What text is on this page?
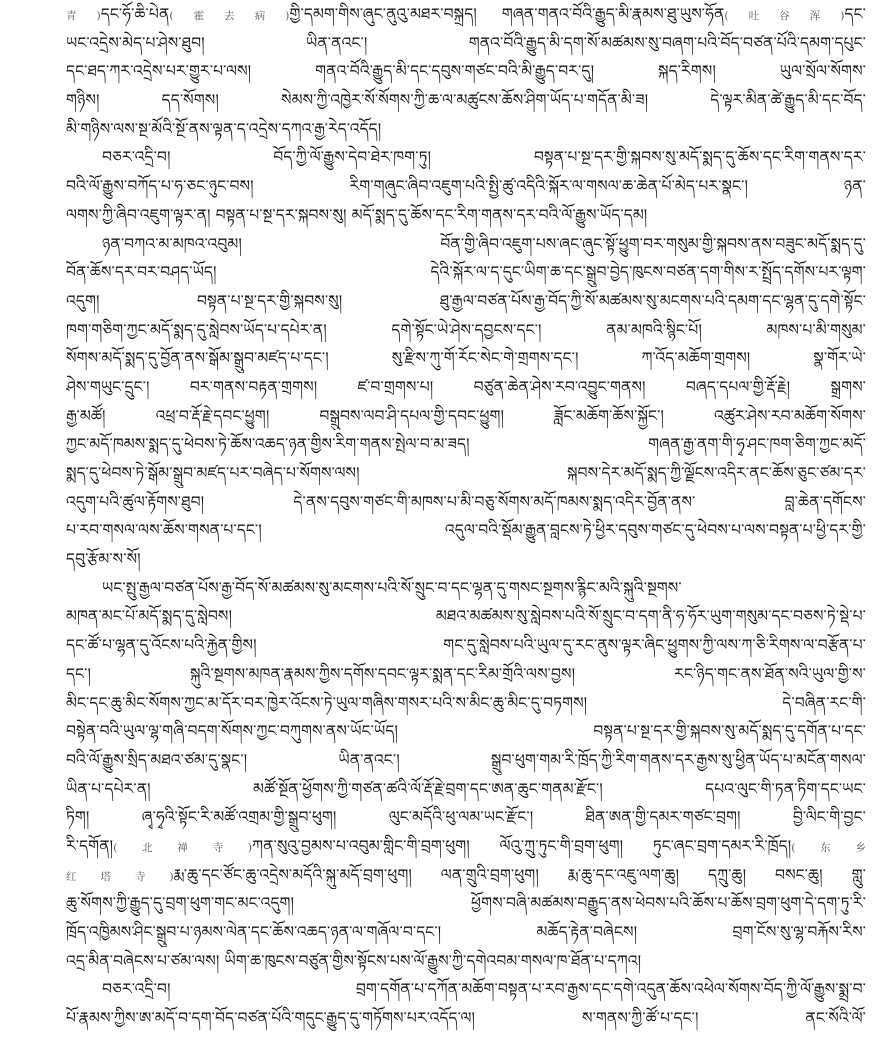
青)དང་ཧོ་ཆི་པེན(霍去病)གྱི་དམག་གིས་ཞུང་ནུའུ་མཐར་བསྐྲད། གཞན་གནའ་བོའི་རྒྱུད་མི་རྣམས་ཐུ་ཡུས་ཧོན(吐谷浑)དང་
ཡང་འདྲེས་མེད་པ་ཤེས་ཐུབ། ཡིན་ནའང་། གནའ་བོའི་རྒྱུད་མི་དག་སོ་མཚམས་སུ་བཞག་པའི་བོད་བཙན་པོའི་དམག་དཔུང་
དང་ཐད་ཀར་འདྲེས་པར་གྱུར་པ་ལས། གནའ་བོའི་རྒྱུད་མི་དང་དབུས་གཙང་བའི་མི་རྒྱུད་བར་དུ། སྐད་རིགས། ཡུལ་སྲོལ་སོགས་
གཉིས། དད་སོགས། སེམས་ཀྱི་འཁྱེར་སོ་སོགས་ཀྱི་ཆ་ལ་མཚུངས་ཆོས་ཤིག་ཡོད་པ་གདོན་མི་ཟ། དེ་ལྟར་མིན་ཚེ་རྒྱུད་མི་དང་བོད་
མི་གཉིས་ལས་སྔ་མོའི་སྔོ་ནས་ལྟན་ད་འདྲེས་དཀའ་རྒྱ་རེད་འདོད།
བཅར་འདྲི་བ། བོད་ཀྱི་ལོ་རྒྱུས་དེབ་ཐེར་ཁག་ཏུ། བསྟན་པ་སྔ་དར་གྱི་སྐབས་སུ་མདོ་སྨད་དུ་ཆོས་དང་རིག་གནས་དར་
བའི་ལོ་རྒྱུས་བཀོད་པ་ཧ་ཅང་ཉུང་བས། རིག་གཞུང་ཞིབ་འཇུག་པའི་སྤྱི་ཚུ་འདིའི་སྐོར་ལ་གསལ་ཆ་ཆེན་པོ་མེད་པར་སྣང་། ཉན་
ལགས་ཀྱི་ཞིབ་འཇུག་ལྟར་ན། བསྟན་པ་སྔ་དར་སྐབས་སུ། མདོ་སྨད་དུ་ཆོས་དང་རིག་གནས་དར་བའི་ལོ་རྒྱུས་ཡོད་དམ།
ཉན་བཀའ་མ་མཁའ་འབུམ། བོན་གྱི་ཞིབ་འཇུག་པས་ཞང་ཞུང་སྟོ་ཕྱུག་བར་གསུམ་གྱི་སྐབས་ནས་བཟུང་མདོ་སྨད་དུ་
བོན་ཆོས་དར་བར་བཤད་ཡོད། དེའི་སྐོར་ལ་ད་དུང་ཡིག་ཆ་དང་སྒྲུབ་བྱེད་ཁུངས་བཙན་དག་གིས་ར་སྤྲོད་དགོས་པར་ལྟག་
འདུག། བསྟན་པ་སྔ་དར་གྱི་སྐབས་སུ། ཐུ་རྒྱལ་བཙན་པོས་རྒྱ་བོད་ཀྱི་སོ་མཚམས་སུ་མངགས་པའི་དམག་དང་ལྷན་དུ་དགེ་སྟོང་
ཁག་གཅིག་ཀྱང་མདོ་སྨད་དུ་སླེབས་ཡོད་པ་དཔེར་ན། དགེ་སྟོང་ཡེ་ཤེས་དབྱངས་དང་། ནམ་མཁའི་སྙིང་པོ། མཁས་པ་མི་གསུམ་
སོགས་མདོ་སྨད་དུ་བྱོན་ནས་སྒོམ་སྒྲུབ་མཛད་པ་དང་། སུ་རྫིས་ཀུ་གོ་རོང་སེང་གེ་གྲགས་དང་། ཀ་འོད་མཆོག་གྲགས། སྣ་གོར་ཡེ་
ཤེས་གཡུང་དྲུང་། བར་གནས་བརྟན་གྲགས། ཛ་བ་གྲགས་པ། བཙུན་ཆེན་ཤེས་རབ་འབྱུང་གནས། བཞད་དཔལ་གྱི་རྡོ་རྗེ། སྒྲགས་
རྒྱ་མཚོ། འཕྲ་བ་རྡོ་རྗེ་དབང་ཕྱུག། བསྒྲུབས་ལབ་ཤི་དཔལ་གྱི་དབང་ཕྱུག། ཟློང་མཆོག་ཆོས་སྐྱོང་། འཚུར་ཤེས་རབ་མཆོག་སོགས་
ཀྱང་མདོ་ཁམས་སྨད་དུ་ཕེབས་ཏེ་ཆོས་འཆད་ཉན་གྱིས་རིག་གནས་སྤེལ་བ་མ་ཟད། གཞན་རྒྱ་ནག་གི་ཧྭ་ཤང་ཁག་ཅིག་ཀྱང་མདོ་
སྨད་དུ་ཕེབས་ཏེ་སྒོམ་སྒྲུབ་མཛད་པར་བཞེད་པ་སོགས་ལས། སྐབས་དེར་མདོ་སྨད་ཀྱི་ལྗོངས་འདིར་ནང་ཆོས་ཅུང་ཙམ་དར་
འདུག་པའི་ཚུལ་རྟོགས་ཐུབ། དེ་ནས་དབུས་གཙང་གི་མཁས་པ་མི་བཅུ་སོགས་མདོ་ཁམས་སྨད་འདིར་བྱོན་ནས་ བླ་ཆེན་དགོངས་
པ་རབ་གསལ་ལས་ཆོས་གསན་པ་དང་། འདུལ་བའི་སྡོམ་རྒྱུན་བླངས་ཏེ་ཕྱིར་དབུས་གཙང་དུ་ཕེབས་པ་ལས་བསྟན་པ་ཕྱི་དར་གྱི་
དབུ་རྩོམ་ས་སོ།
ཡང་སྤུ་རྒྱལ་བཙན་པོས་རྒྱ་བོད་སོ་མཚམས་སུ་མངགས་པའི་སོ་སྲུང་བ་དང་ལྷན་དུ་གསང་སྔགས་རྙིང་མའི་སྐུའི་སྔགས་
མཁན་མང་པོ་མདོ་སྨད་དུ་སླེབས། མཐའ་མཚམས་སུ་སླེབས་པའི་སོ་སྲུང་བ་དག་ནི་ཧ་ཧོར་ཡུག་གསུམ་དང་བཅས་ཏེ་སྡེ་པ་
དང་ཚོ་པ་ལྷན་དུ་འོངས་པའི་རྐྱེན་གྱིས། གང་དུ་སླེབས་པའི་ཡུལ་དུ་རང་ནུས་ལྟར་ཞིང་ཕྱུགས་ཀྱི་ལས་ཀ་ཅི་རིགས་ལ་བརྩོན་པ་
དང་། སྐུའི་སྔགས་མཁན་རྣམས་ཀྱིས་དགོས་དབང་ལྟར་སྨན་དང་རིམ་གྲོའི་ལས་བྱས། རང་ཉིད་གང་ནས་ཐོན་སའི་ཡུལ་གྱི་ས་
མིང་དང་ཆུ་མིང་སོགས་ཀྱང་མ་དོར་བར་ཁྱེར་འོངས་ཏེ་ཡུལ་གཞིས་གསར་པའི་ས་མིང་ཆུ་མིང་དུ་བཏགས། དེ་བཞིན་རང་གི་
བསྟེན་བའི་ཡུལ་ལྷ་གཞི་བདག་སོགས་ཀྱང་བཀུགས་ནས་ཡོང་ཡོད། བསྟན་པ་སྔ་དར་གྱི་སྐབས་སུ་མདོ་སྨད་དུ་དགོན་པ་དང་
བའི་ལོ་རྒྱུས་སྲིད་མཐའ་ཙམ་དུ་སྣང་། ཡིན་ནའང་། སྒྲུབ་ཕུག་གམ་རི་ཁྲོད་ཀྱི་རིག་གནས་དར་རྒྱས་སུ་ཕྱིན་ཡོད་པ་མངོན་གསལ་
ཡིན་པ་དཔེར་ན། མཚོ་སྔོན་ཕྱོགས་ཀྱི་གཙན་ཚའི་ལོ་རྡོ་རྗེ་བྲག་དང་ཨན་ཆུང་གནམ་རྫོང་། དཔའ་ལུང་གི་ཏན་ཏིག་དང་ཡང་
ཏིག། ཞྭ་ཧྭའི་སྟོང་རི་མཚོ་འགྲམ་གྱི་སྒྲུབ་ཕུག། ལུང་མདོའི་ཕུ་ལམ་ཡང་རྫོང་། ཐིན་ཨན་གྱི་དམར་གཙང་བྲག། བྱི་ལིང་གི་བྱང་
རི་དགོན།(北禅寺)ཀན་སུའུ་བྱམས་པ་འབུམ་གླིང་གི་བྲག་ཕུག། ལོའུ་ཀྲུ་ཏུང་གི་བྲག་ཕུག། ཏུང་ཞང་བྲག་དམར་རི་ཁྲོད།(东乡
红塔寺)རྨ་ཆུ་དང་ཙོང་ཆུ་འདྲེས་མདོའི་སྐུ་མདོ་བྲག་ཕུག། ལན་གྲུའི་བྲག་ཕུག། རྨ་ཆུ་དང་འཇུ་ལག་ཆུ། དཀྲུ་ཆུ། བསང་ཆུ། གླུ་
ཆུ་སོགས་ཀྱི་རྒྱུད་དུ་བྲག་ཕུག་གང་མང་འདུག། ཕྱོགས་བཞི་མཚམས་བརྒྱུད་ནས་ཕེབས་པའི་ཆོས་པ་ཆོས་བྲག་ཕུག་དེ་དག་ཏུ་རི་
ཁྲོད་འཁྱིམས་ཤིང་སྒྲུབ་པ་ཉམས་ལེན་དང་ཆོས་འཆད་ཉན་ལ་གཞོལ་བ་དང་། མཆོད་རྟེན་བཞེངས། བྲག་ངོས་སུ་ལྷ་བརྐོས་རིས་
འདྲ་མིན་བཞེངས་པ་ཙམ་ལས། ཡིག་ཆ་ཁུངས་བཙུན་གྱིས་སྟོངས་པས་ལོ་རྒྱུས་ཀྱི་དགེའབམ་གསལ་ཁ་ཐོན་པ་དཀའ།
བཅར་འདྲི་བ། བྲག་དགོན་པ་དཀོན་མཆོག་བསྟན་པ་རབ་རྒྱས་དང་དགེ་འདུན་ཆོས་འཕེལ་སོགས་བོད་ཀྱི་ལོ་རྒྱུས་སྨྲ་བ་
པོ་རྣམས་ཀྱིས་ཨ་མདོ་བ་དག་བོད་བཙན་པོའི་གདུང་རྒྱུད་དུ་གཏོགས་པར་འདོད་ལ། ས་གནས་ཀྱི་ཚོ་པ་དང་། ནང་སོའི་ལོ་
